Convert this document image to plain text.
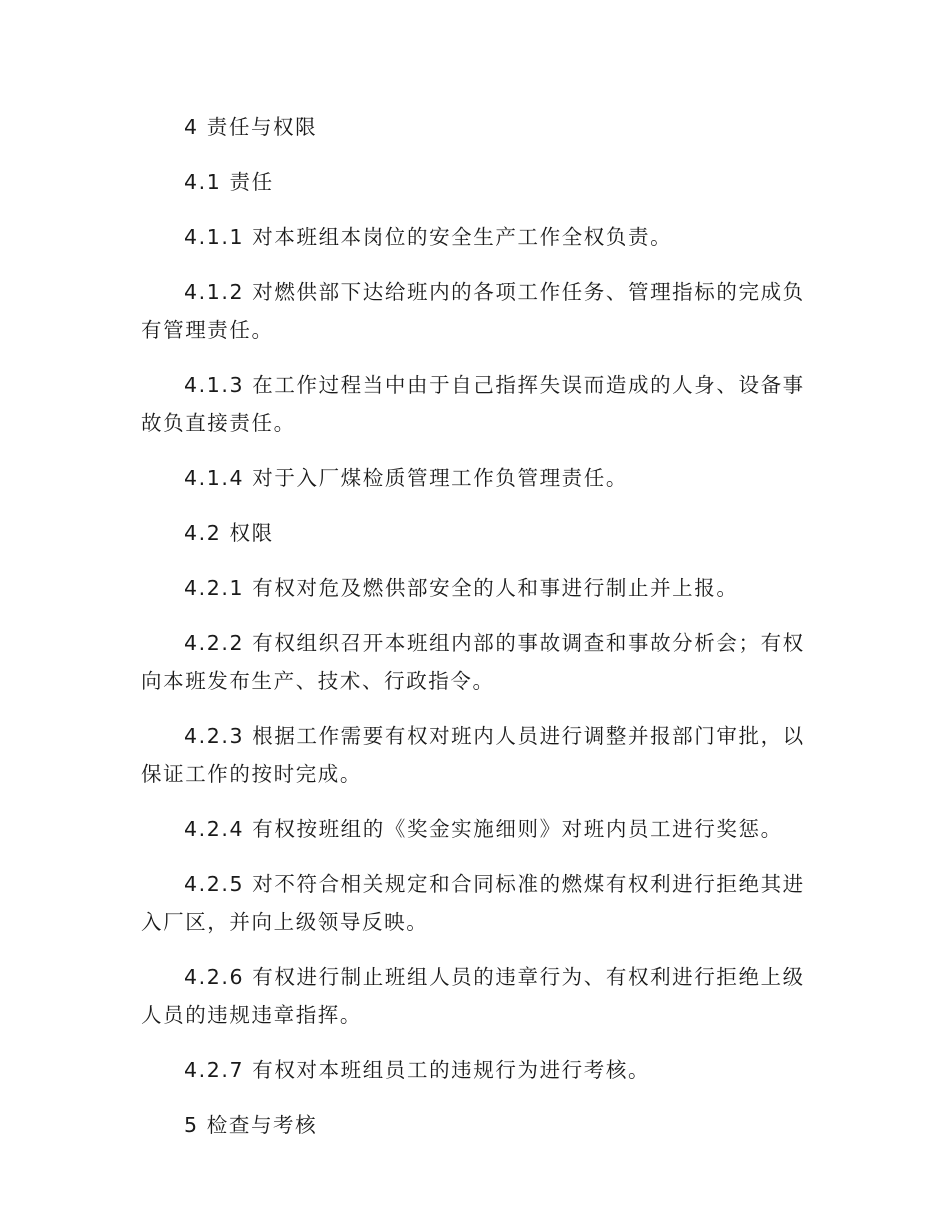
4 责任与权限

4.1 责任

4.1.1 对本班组本岗位的安全生产工作全权负责。

4.1.2 对燃供部下达给班内的各项工作任务、管理指标的完成负有管理责任。

4.1.3 在工作过程当中由于自己指挥失误而造成的人身、设备事故负直接责任。

4.1.4 对于入厂煤检质管理工作负管理责任。

4.2 权限

4.2.1 有权对危及燃供部安全的人和事进行制止并上报。

4.2.2 有权组织召开本班组内部的事故调查和事故分析会；有权向本班发布生产、技术、行政指令。

4.2.3 根据工作需要有权对班内人员进行调整并报部门审批，以保证工作的按时完成。

4.2.4 有权按班组的《奖金实施细则》对班内员工进行奖惩。

4.2.5 对不符合相关规定和合同标准的燃煤有权利进行拒绝其进入厂区，并向上级领导反映。

4.2.6 有权进行制止班组人员的违章行为、有权利进行拒绝上级人员的违规违章指挥。

4.2.7 有权对本班组员工的违规行为进行考核。

5 检查与考核
